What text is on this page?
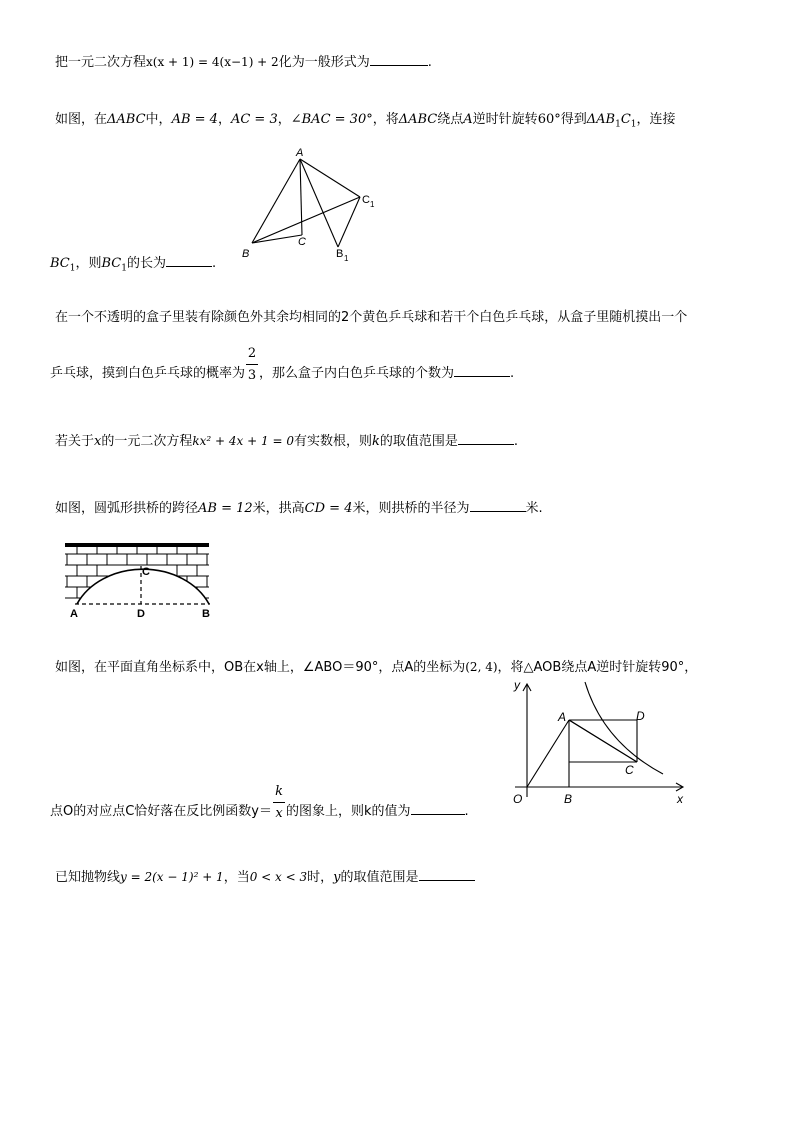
把一元二次方程x(x + 1) = 4(x−1) + 2化为一般形式为	.
如图，在ΔABC中，AB = 4，AC = 3，∠BAC = 30°，将ΔABC绕点A逆时针旋转60°得到$\Delta AB_1C_1$，连接
A
B
C
C 1
B 1
$BC_1$，则$BC_1$的长为	.
在一个不透明的盒子里装有除颜色外其余均相同的2个黄色乒乓球和若干个白色乒乓球，从盒子里随机摸出一个
乒乓球，摸到白色乒乓球的概率为 $\frac{2}{3}$ ，那么盒子内白色乒乓球的个数为	.
若关于x的一元二次方程kx² + 4x + 1 = 0有实数根，则k的取值范围是	.
如图，圆弧形拱桥的跨径AB = 12米，拱高CD = 4米，则拱桥的半径为	米.
A	D	B
C
如图，在平面直角坐标系中，OB在x轴上，∠ABO＝90°，点A的坐标为(2, 4)，将△AOB绕点A逆时针旋转90°，
y
x
O	B
A	D
C
点O的对应点C恰好落在反比例函数$y= \frac{k}{x}$ 的图象上，则k的值为	.
已知抛物线y = 2(x − 1)² + 1，当0 < x < 3时，y的取值范围是
